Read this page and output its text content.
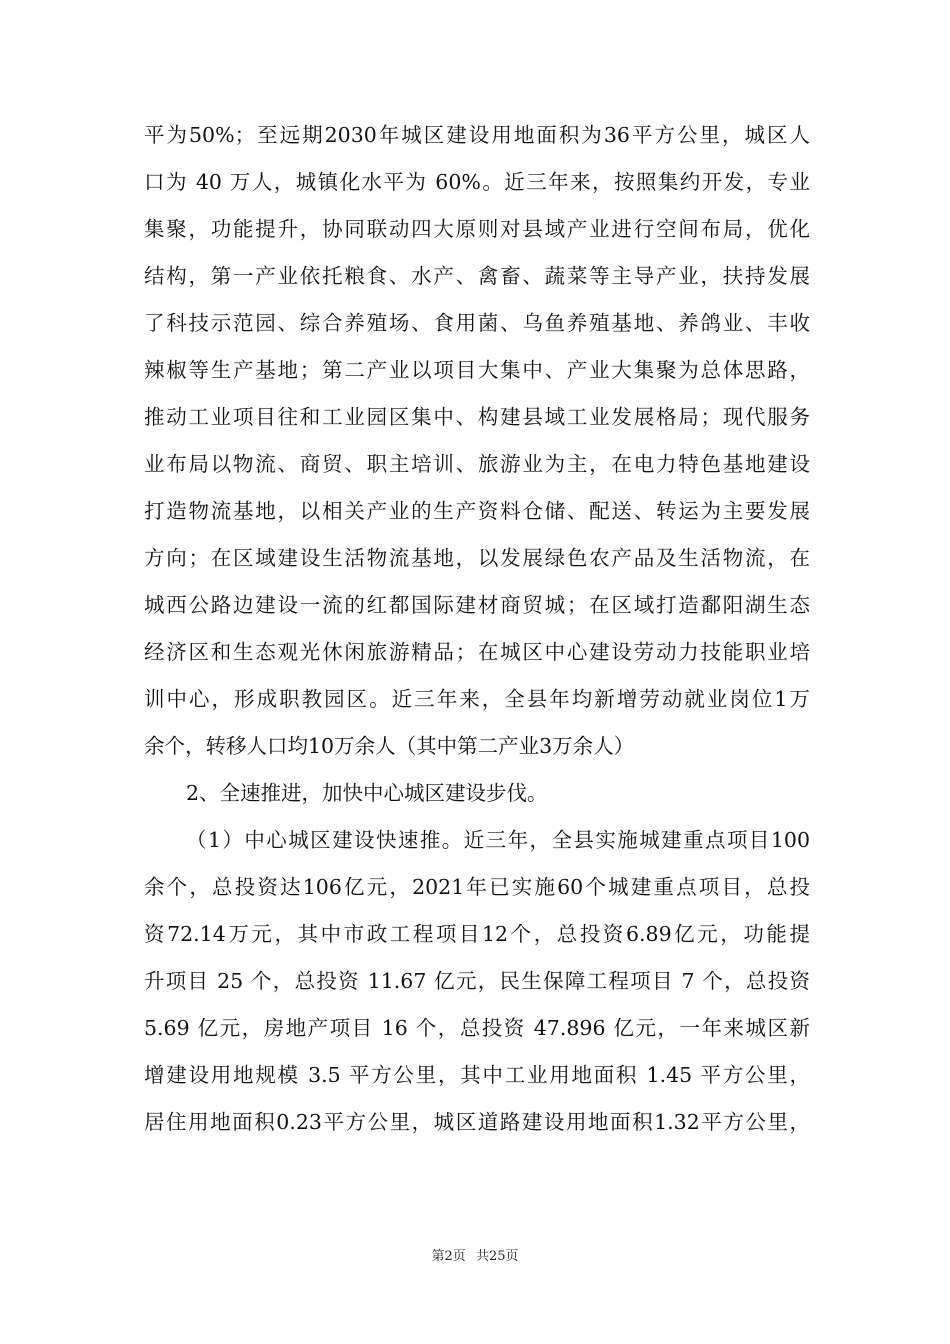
平为50%；至远期2030年城区建设用地面积为36平方公里，城区人
口为 40 万人，城镇化水平为 60%。近三年来，按照集约开发，专业
集聚，功能提升，协同联动四大原则对县域产业进行空间布局，优化
结构，第一产业依托粮食、水产、禽畜、蔬菜等主导产业，扶持发展
了科技示范园、综合养殖场、食用菌、乌鱼养殖基地、养鸽业、丰收
辣椒等生产基地；第二产业以项目大集中、产业大集聚为总体思路，
推动工业项目往和工业园区集中、构建县域工业发展格局；现代服务
业布局以物流、商贸、职主培训、旅游业为主，在电力特色基地建设
打造物流基地，以相关产业的生产资料仓储、配送、转运为主要发展
方向；在区域建设生活物流基地，以发展绿色农产品及生活物流，在
城西公路边建设一流的红都国际建材商贸城；在区域打造鄱阳湖生态
经济区和生态观光休闲旅游精品；在城区中心建设劳动力技能职业培
训中心，形成职教园区。近三年来，全县年均新增劳动就业岗位1万
余个，转移人口均10万余人（其中第二产业3万余人）
2、全速推进，加快中心城区建设步伐。
（1）中心城区建设快速推。近三年，全县实施城建重点项目100
余个，总投资达106亿元，2021年已实施60个城建重点项目，总投
资72.14万元，其中市政工程项目12个，总投资6.89亿元，功能提
升项目 25 个，总投资 11.67 亿元，民生保障工程项目 7 个，总投资
5.69 亿元，房地产项目 16 个，总投资 47.896 亿元，一年来城区新
增建设用地规模 3.5 平方公里，其中工业用地面积 1.45 平方公里，
居住用地面积0.23平方公里，城区道路建设用地面积1.32平方公里，
第2页 共25页
